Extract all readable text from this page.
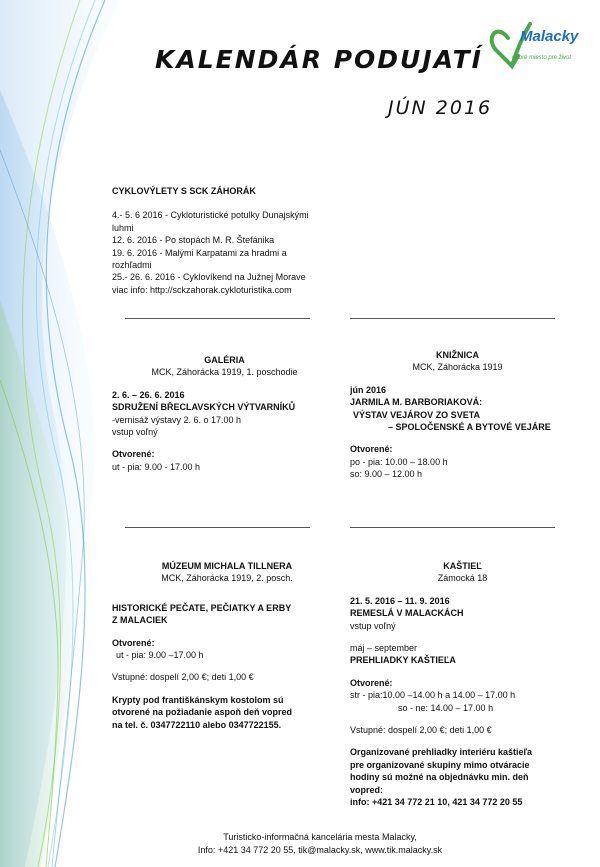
Malacky
dobré miesto pre život
KALENDÁR PODUJATÍ
JÚN 2016
CYKLOVÝLETY S SCK ZÁHORÁK
4.- 5. 6 2016 - Cykloturistické potulky Dunajskými
luhmi
12. 6. 2016 - Po stopách M. R. Štefánika
19. 6. 2016 - Malými Karpatami za hradmi a
rozhľadmi
25.- 26. 6. 2016 - Cyklovíkend na Južnej Morave
viac info: http://sckzahorak.cykloturistika.com
GALÉRIA
MCK, Záhorácka 1919, 1. poschodie
2. 6. – 26. 6. 2016
SDRUŽENÍ BŘECLAVSKÝCH VÝTVARNÍKŮ
-vernisáž výstavy 2. 6. o 17.00 h
vstup voľný
Otvorené:
ut - pia: 9.00 - 17.00 h
KNIŽNICA
MCK, Záhorácka 1919
jún 2016
JARMILA M. BARBORIAKOVÁ:
VÝSTAV VEJÁROV ZO SVETA
– SPOLOČENSKÉ A BYTOVÉ VEJÁRE
Otvorené:
po - pia: 10.00 – 18.00 h
so: 9.00 – 12.00 h
MÚZEUM MICHALA TILLNERA
MCK, Záhorácka 1919, 2. posch.
HISTORICKÉ PEČATE, PEČIATKY A ERBY
Z MALACIEK
Otvorené:
ut - pia: 9.00 –17.00 h
Vstupné: dospelí 2,00 €; deti 1,00 €
Krypty pod františkánskym kostolom sú
otvorené na požiadanie aspoň deň vopred
na tel. č. 0347722110 alebo 0347722155.
KAŠTIEĽ
Zámocká 18
21. 5. 2016 – 11. 9. 2016
REMESLÁ V MALACKÁCH
vstup voľný
máj – september
PREHLIADKY KAŠTIEĽA
Otvorené:
str - pia:10.00 –14.00 h a 14.00 – 17.00 h
so - ne: 14.00 – 17.00 h
Vstupné: dospelí 2,00 €; deti 1,00 €
Organizované prehliadky interiéru kaštieľa
pre organizované skupiny mimo otváracie
hodiny sú možné na objednávku min. deň
vopred:
info: +421 34 772 21 10, 421 34 772 20 55
Turisticko-informačná kancelária mesta Malacky,
Info: +421 34 772 20 55, tik@malacky.sk, www.tik.malacky.sk
